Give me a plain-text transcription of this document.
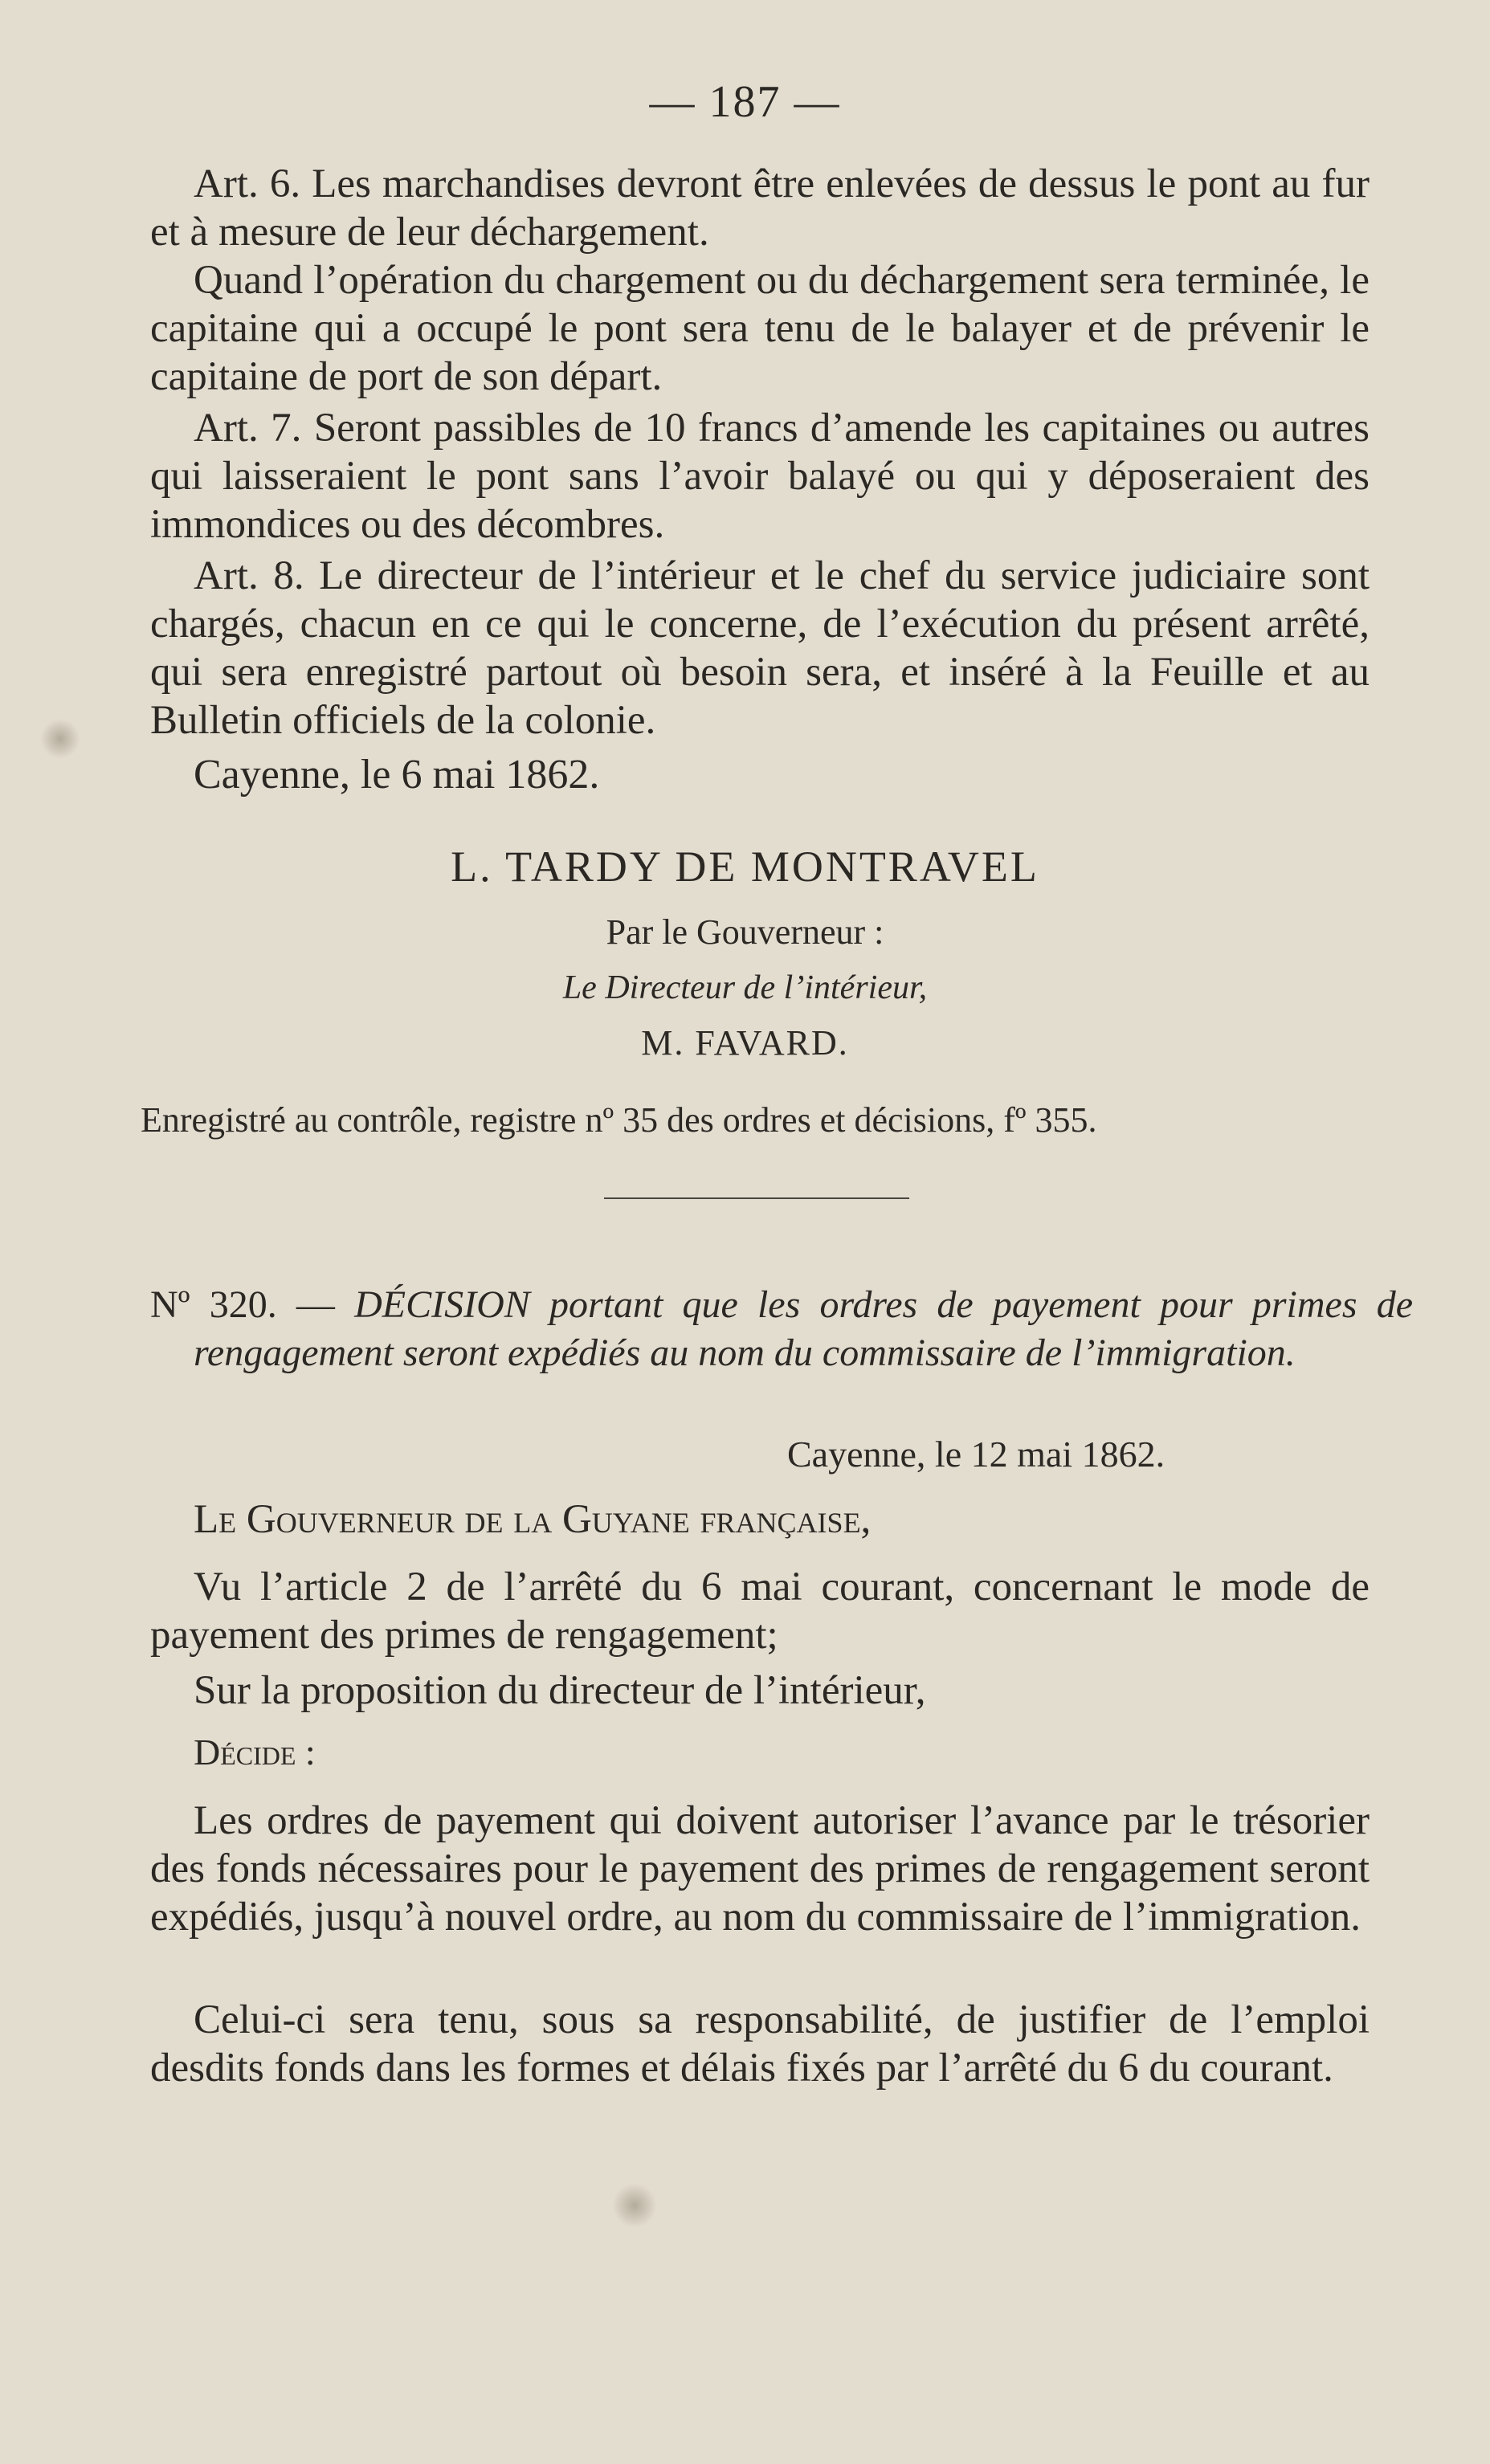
— 187 —

Art. 6. Les marchandises devront être enlevées de dessus le pont au fur et à mesure de leur déchargement.

Quand l’opération du chargement ou du déchargement sera terminée, le capitaine qui a occupé le pont sera tenu de le balayer et de prévenir le capitaine de port de son départ.

Art. 7. Seront passibles de 10 francs d’amende les capitaines ou autres qui laisseraient le pont sans l’avoir balayé ou qui y déposeraient des immondices ou des décombres.

Art. 8. Le directeur de l’intérieur et le chef du service judiciaire sont chargés, chacun en ce qui le concerne, de l’exécution du présent arrêté, qui sera enregistré partout où besoin sera, et inséré à la Feuille et au Bulletin officiels de la colonie.

Cayenne, le 6 mai 1862.

L. TARDY DE MONTRAVEL

Par le Gouverneur :

Le Directeur de l’intérieur,

M. FAVARD.

Enregistré au contrôle, registre nº 35 des ordres et décisions, fº 355.

Nº 320. — DÉCISION portant que les ordres de payement pour primes de rengagement seront expédiés au nom du commissaire de l’immigration.

Cayenne, le 12 mai 1862.

Le Gouverneur de la Guyane française,

Vu l’article 2 de l’arrêté du 6 mai courant, concernant le mode de payement des primes de rengagement;

Sur la proposition du directeur de l’intérieur,

Décide :

Les ordres de payement qui doivent autoriser l’avance par le trésorier des fonds nécessaires pour le payement des primes de rengagement seront expédiés, jusqu’à nouvel ordre, au nom du commissaire de l’immigration.

Celui-ci sera tenu, sous sa responsabilité, de justifier de l’emploi desdits fonds dans les formes et délais fixés par l’arrêté du 6 du courant.
